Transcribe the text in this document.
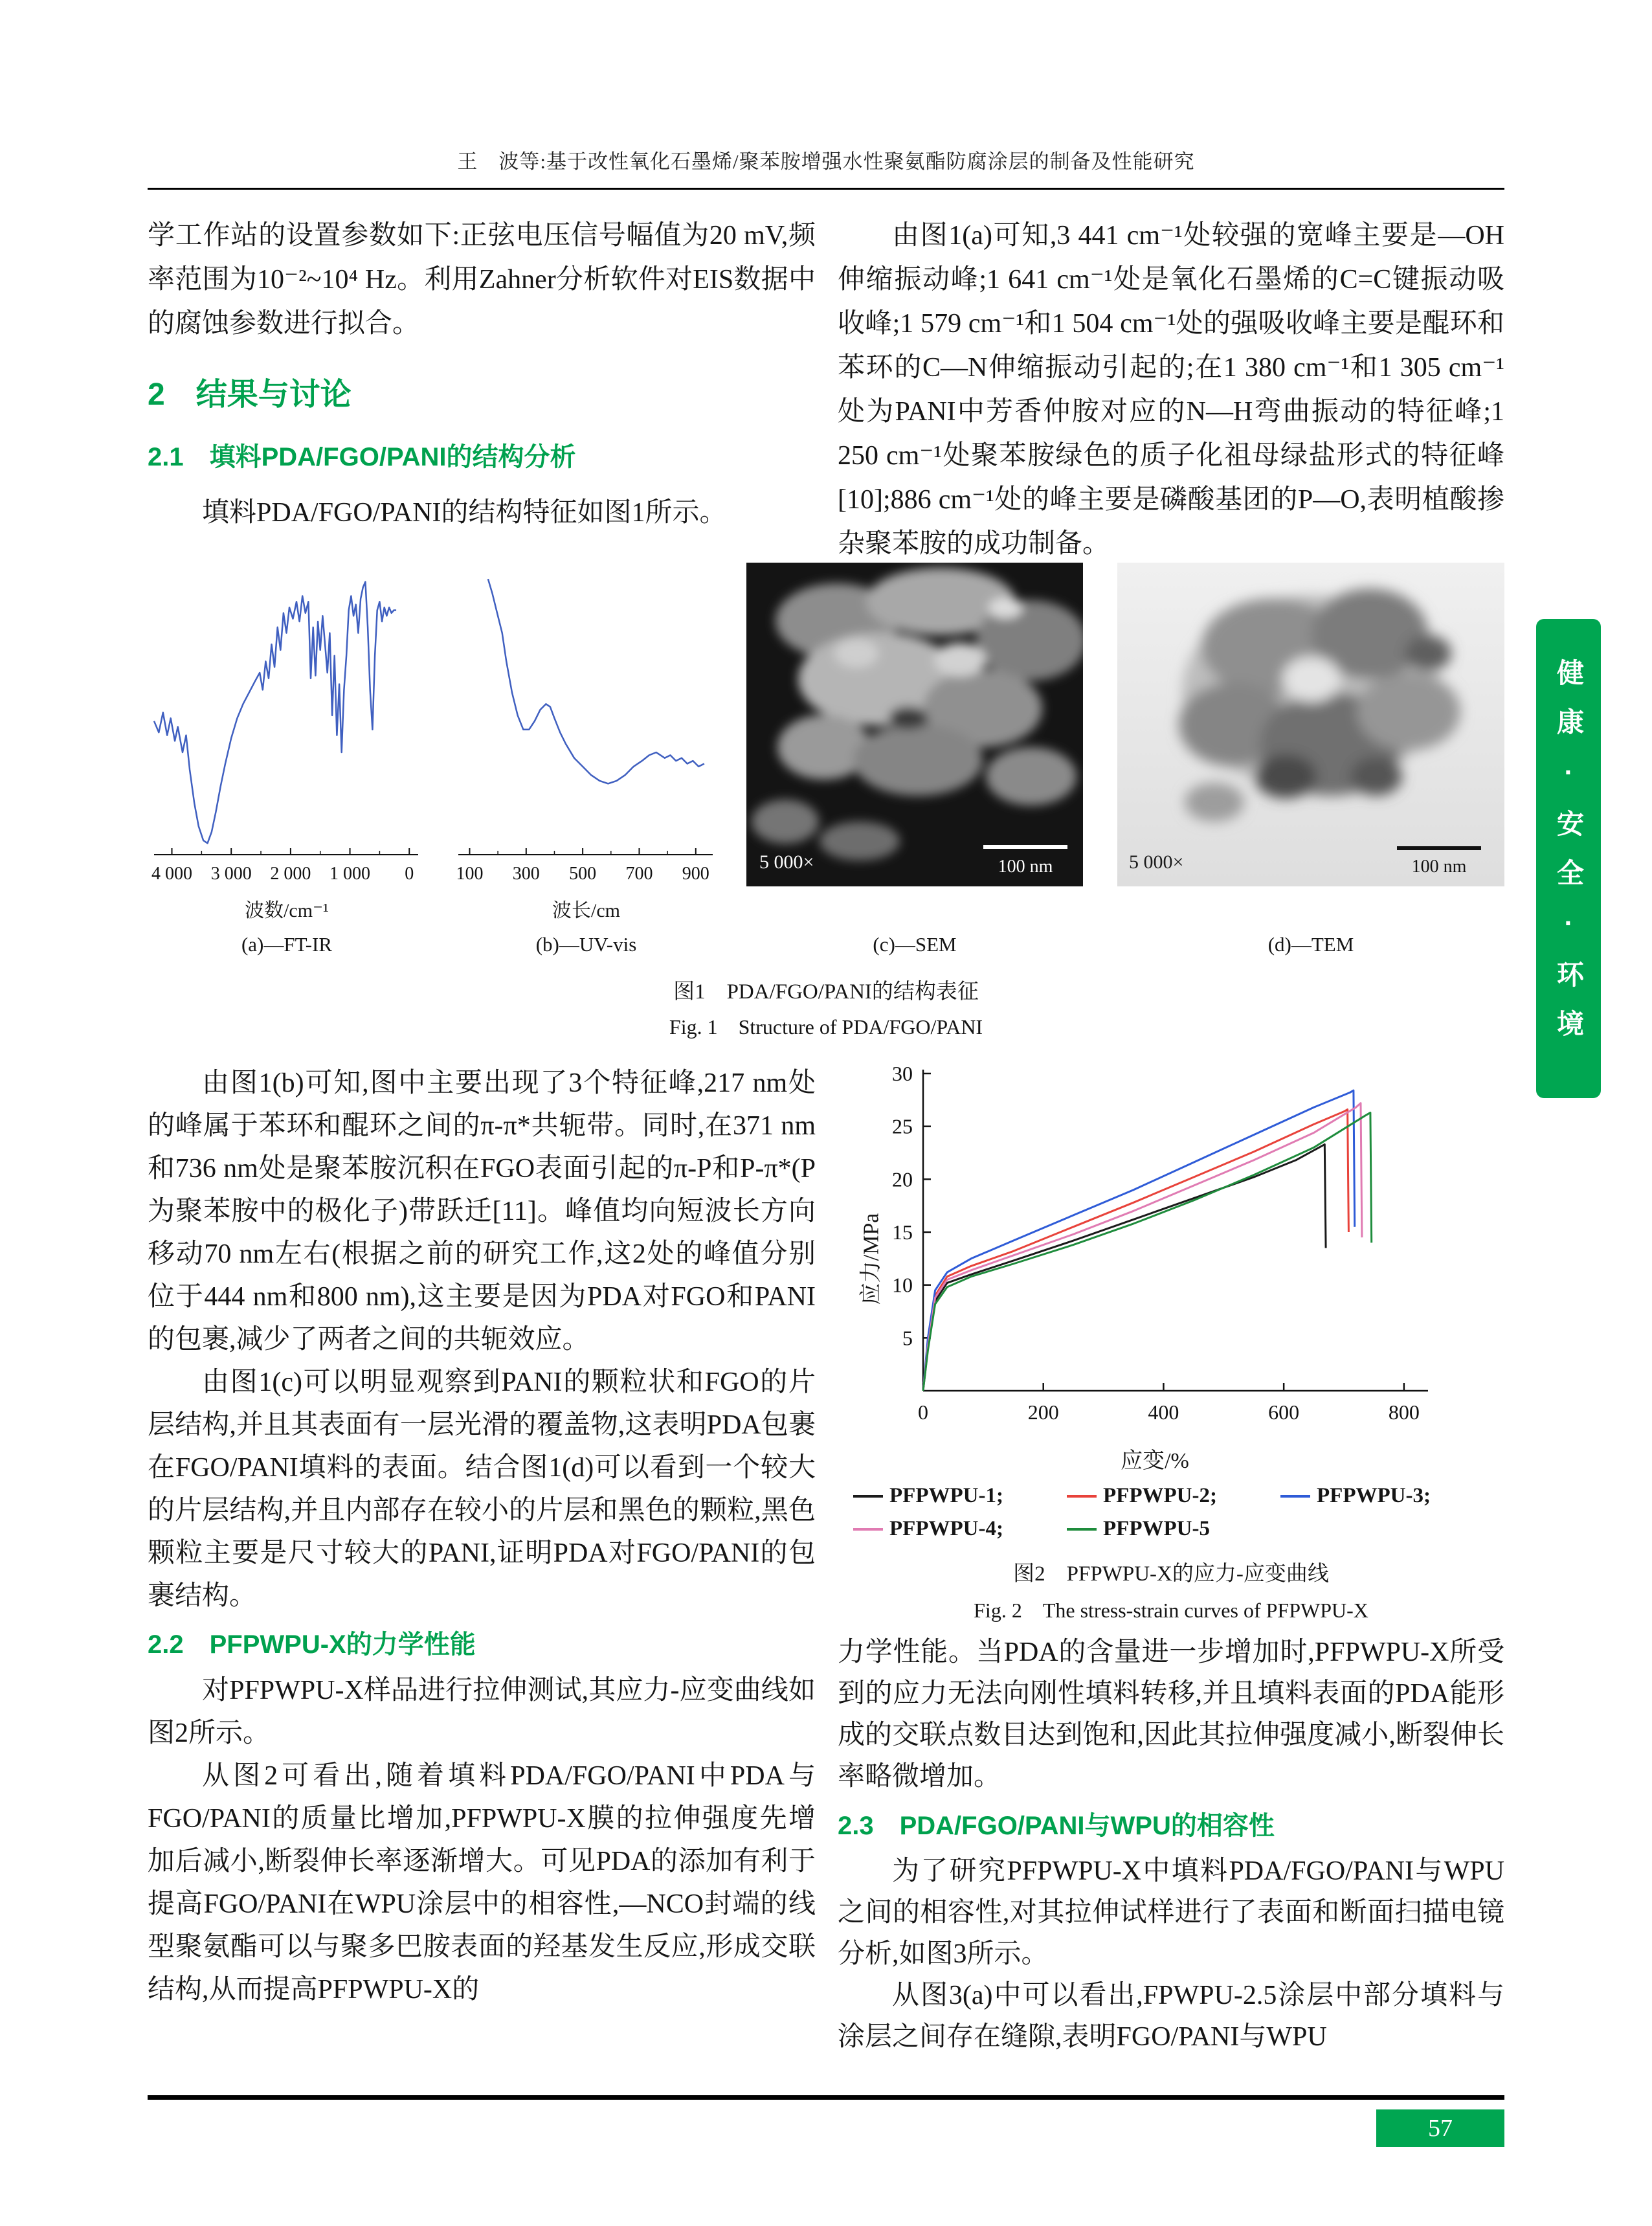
王　波等:基于改性氧化石墨烯/聚苯胺增强水性聚氨酯防腐涂层的制备及性能研究

学工作站的设置参数如下:正弦电压信号幅值为20 mV,频率范围为10⁻²~10⁴ Hz。利用Zahner分析软件对EIS数据中的腐蚀参数进行拟合。

2　结果与讨论
2.1　填料PDA/FGO/PANI的结构分析

填料PDA/FGO/PANI的结构特征如图1所示。

由图1(a)可知,3 441 cm⁻¹处较强的宽峰主要是—OH伸缩振动峰;1 641 cm⁻¹处是氧化石墨烯的C=C键振动吸收峰;1 579 cm⁻¹和1 504 cm⁻¹处的强吸收峰主要是醌环和苯环的C—N伸缩振动引起的;在1 380 cm⁻¹和1 305 cm⁻¹处为PANI中芳香仲胺对应的N—H弯曲振动的特征峰;1 250 cm⁻¹处聚苯胺绿色的质子化祖母绿盐形式的特征峰[10];886 cm⁻¹处的峰主要是磷酸基团的P—O,表明植酸掺杂聚苯胺的成功制备。

4 000 3 000 2 000 1 000 0
波数/cm⁻¹
(a)—FT-IR
100 300 500 700 900
波长/cm
(b)—UV-vis
5 000×	100 nm
(c)—SEM
5 000×	100 nm
(d)—TEM
图1　PDA/FGO/PANI的结构表征
Fig. 1　Structure of PDA/FGO/PANI

由图1(b)可知,图中主要出现了3个特征峰,217 nm处的峰属于苯环和醌环之间的π-π*共轭带。同时,在371 nm和736 nm处是聚苯胺沉积在FGO表面引起的π-P和P-π*(P为聚苯胺中的极化子)带跃迁[11]。峰值均向短波长方向移动70 nm左右(根据之前的研究工作,这2处的峰值分别位于444 nm和800 nm),这主要是因为PDA对FGO和PANI的包裹,减少了两者之间的共轭效应。

由图1(c)可以明显观察到PANI的颗粒状和FGO的片层结构,并且其表面有一层光滑的覆盖物,这表明PDA包裹在FGO/PANI填料的表面。结合图1(d)可以看到一个较大的片层结构,并且内部存在较小的片层和黑色的颗粒,黑色颗粒主要是尺寸较大的PANI,证明PDA对FGO/PANI的包裹结构。

2.2　PFPWPU-X的力学性能

对PFPWPU-X样品进行拉伸测试,其应力-应变曲线如图2所示。

从图2可看出,随着填料PDA/FGO/PANI中PDA与FGO/PANI的质量比增加,PFPWPU-X膜的拉伸强度先增加后减小,断裂伸长率逐渐增大。可见PDA的添加有利于提高FGO/PANI在WPU涂层中的相容性,—NCO封端的线型聚氨酯可以与聚多巴胺表面的羟基发生反应,形成交联结构,从而提高PFPWPU-X的

应力/MPa
5
10
15
20
25
30
0	200	400	600	800
应变/%
PFPWPU-1;	PFPWPU-2;	PFPWPU-3;
PFPWPU-4;	PFPWPU-5
图2　PFPWPU-X的应力-应变曲线
Fig. 2　The stress-strain curves of PFPWPU-X

力学性能。当PDA的含量进一步增加时,PFPWPU-X所受到的应力无法向刚性填料转移,并且填料表面的PDA能形成的交联点数目达到饱和,因此其拉伸强度减小,断裂伸长率略微增加。

2.3　PDA/FGO/PANI与WPU的相容性

为了研究PFPWPU-X中填料PDA/FGO/PANI与WPU之间的相容性,对其拉伸试样进行了表面和断面扫描电镜分析,如图3所示。

从图3(a)中可以看出,FPWPU-2.5涂层中部分填料与涂层之间存在缝隙,表明FGO/PANI与WPU

健康·安全·环境
57
